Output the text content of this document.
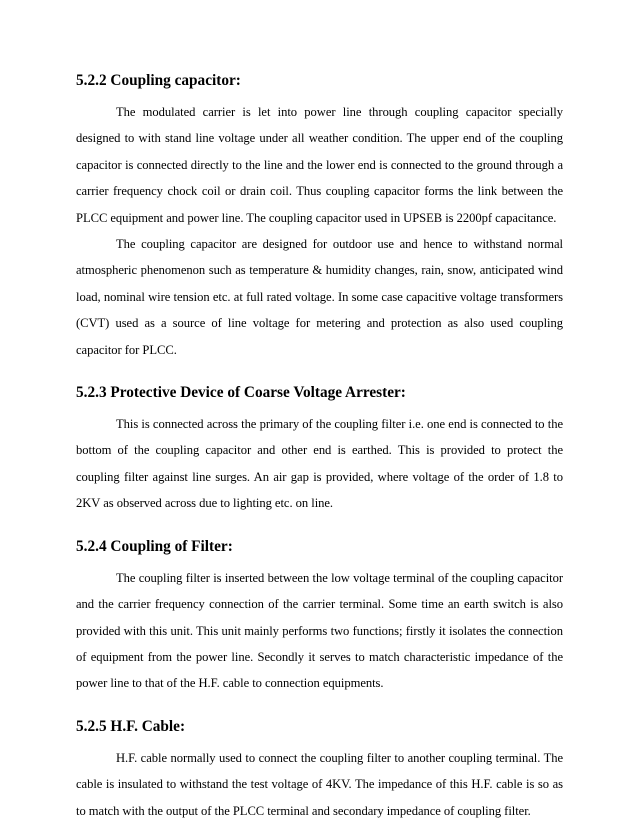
5.2.2 Coupling capacitor:

The modulated carrier is let into power line through coupling capacitor specially designed to with stand line voltage under all weather condition. The upper end of the coupling capacitor is connected directly to the line and the lower end is connected to the ground through a carrier frequency chock coil or drain coil. Thus coupling capacitor forms the link between the PLCC equipment and power line. The coupling capacitor used in UPSEB is 2200pf capacitance.

The coupling capacitor are designed for outdoor use and hence to withstand normal atmospheric phenomenon such as temperature & humidity changes, rain, snow, anticipated wind load, nominal wire tension etc. at full rated voltage. In some case capacitive voltage transformers (CVT) used as a source of line voltage for metering and protection as also used coupling capacitor for PLCC.

5.2.3 Protective Device of Coarse Voltage Arrester:

This is connected across the primary of the coupling filter i.e. one end is connected to the bottom of the coupling capacitor and other end is earthed. This is provided to protect the coupling filter against line surges. An air gap is provided, where voltage of the order of 1.8 to 2KV as observed across due to lighting etc. on line.

5.2.4 Coupling of Filter:

The coupling filter is inserted between the low voltage terminal of the coupling capacitor and the carrier frequency connection of the carrier terminal. Some time an earth switch is also provided with this unit. This unit mainly performs two functions; firstly it isolates the connection of equipment from the power line. Secondly it serves to match characteristic impedance of the power line to that of the H.F. cable to connection equipments.

5.2.5 H.F. Cable:

H.F. cable normally used to connect the coupling filter to another coupling terminal. The cable is insulated to withstand the test voltage of 4KV. The impedance of this H.F. cable is so as to match with the output of the PLCC terminal and secondary impedance of coupling filter.
